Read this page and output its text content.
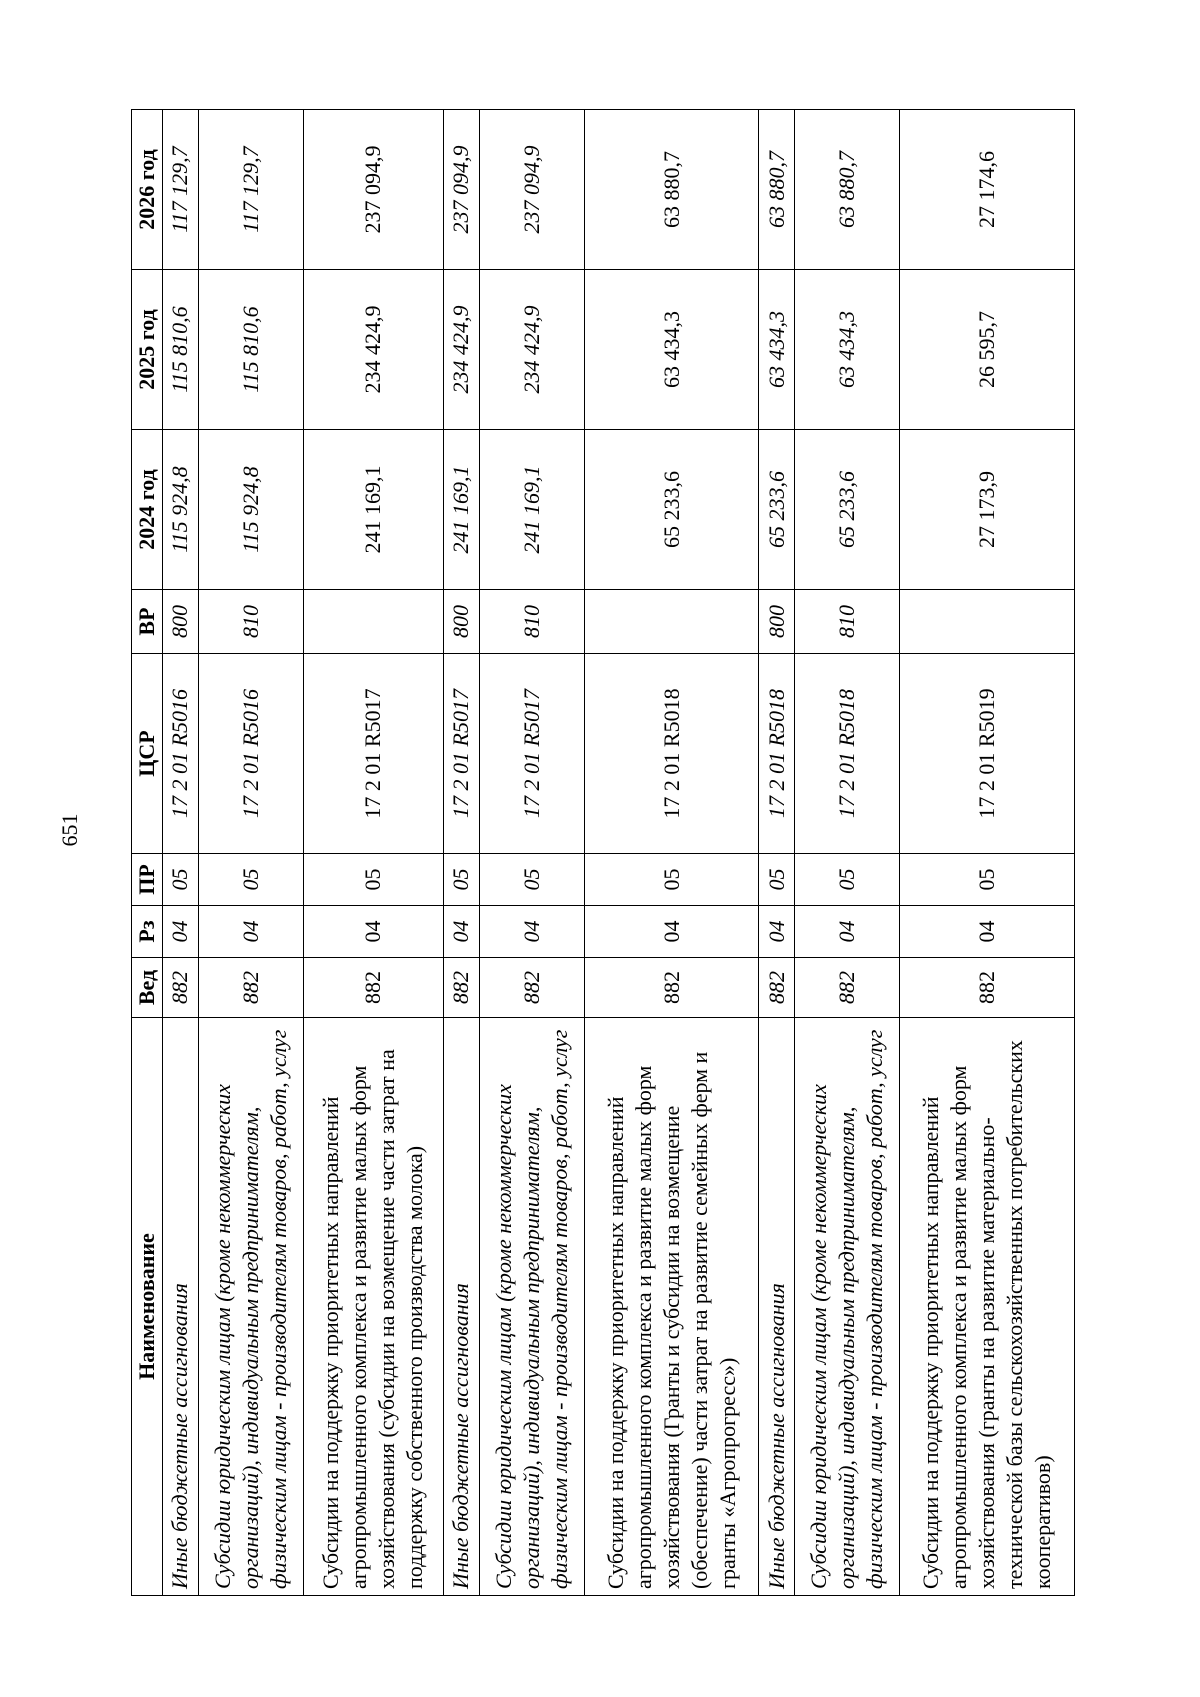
651
Наименование	Вед	Рз	ПР	ЦСР	ВР	2024 год	2025 год	2026 год
Иные бюджетные ассигнования	882	04	05	17 2 01 R5016	800	115 924,8	115 810,6	117 129,7
Субсидии юридическим лицам (кроме некоммерческих организаций), индивидуальным предпринимателям, физическим лицам - производителям товаров, работ, услуг	882	04	05	17 2 01 R5016	810	115 924,8	115 810,6	117 129,7
Субсидии на поддержку приоритетных направлений агропромышленного комплекса и развитие малых форм хозяйствования (субсидии на возмещение части затрат на поддержку собственного производства молока)	882	04	05	17 2 01 R5017		241 169,1	234 424,9	237 094,9
Иные бюджетные ассигнования	882	04	05	17 2 01 R5017	800	241 169,1	234 424,9	237 094,9
Субсидии юридическим лицам (кроме некоммерческих организаций), индивидуальным предпринимателям, физическим лицам - производителям товаров, работ, услуг	882	04	05	17 2 01 R5017	810	241 169,1	234 424,9	237 094,9
Субсидии на поддержку приоритетных направлений агропромышленного комплекса и развитие малых форм хозяйствования (Гранты и субсидии на возмещение (обеспечение) части затрат на развитие семейных ферм и гранты «Агропрогресс»)	882	04	05	17 2 01 R5018		65 233,6	63 434,3	63 880,7
Иные бюджетные ассигнования	882	04	05	17 2 01 R5018	800	65 233,6	63 434,3	63 880,7
Субсидии юридическим лицам (кроме некоммерческих организаций), индивидуальным предпринимателям, физическим лицам - производителям товаров, работ, услуг	882	04	05	17 2 01 R5018	810	65 233,6	63 434,3	63 880,7
Субсидии на поддержку приоритетных направлений агропромышленного комплекса и развитие малых форм хозяйствования (гранты на развитие материально-технической базы сельскохозяйственных потребительских кооперативов)	882	04	05	17 2 01 R5019		27 173,9	26 595,7	27 174,6
